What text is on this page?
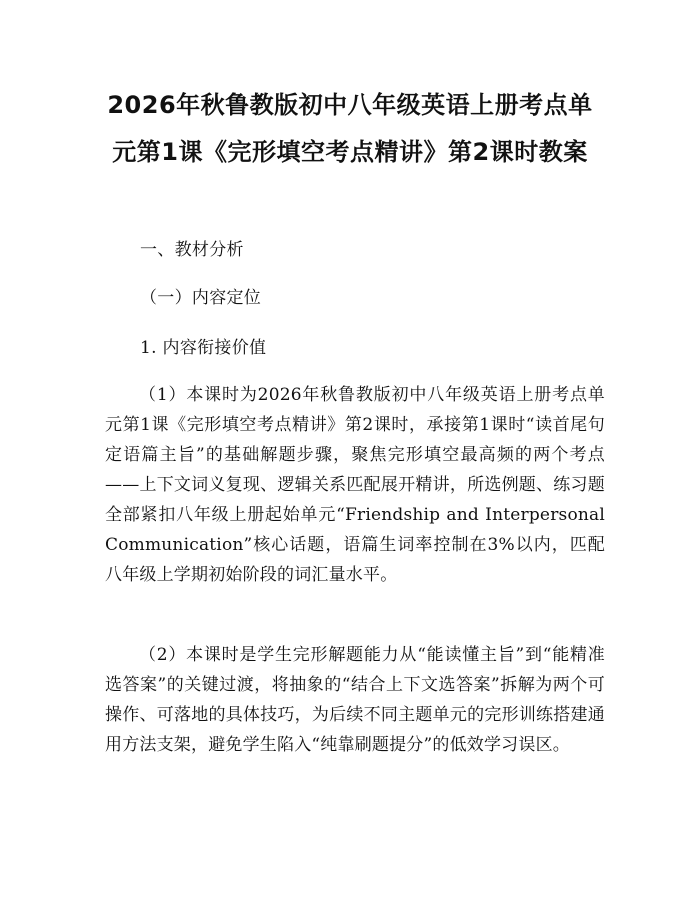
2026年秋鲁教版初中八年级英语上册考点单元第1课《完形填空考点精讲》第2课时教案
一、教材分析
（一）内容定位
1. 内容衔接价值

（1）本课时为2026年秋鲁教版初中八年级英语上册考点单元第1课《完形填空考点精讲》第2课时，承接第1课时“读首尾句定语篇主旨”的基础解题步骤，聚焦完形填空最高频的两个考点——上下文词义复现、逻辑关系匹配展开精讲，所选例题、练习题全部紧扣八年级上册起始单元“Friendship and Interpersonal Communication”核心话题，语篇生词率控制在3%以内，匹配八年级上学期初始阶段的词汇量水平。

（2）本课时是学生完形解题能力从“能读懂主旨”到“能精准选答案”的关键过渡，将抽象的“结合上下文选答案”拆解为两个可操作、可落地的具体技巧，为后续不同主题单元的完形训练搭建通用方法支架，避免学生陷入“纯靠刷题提分”的低效学习误区。
